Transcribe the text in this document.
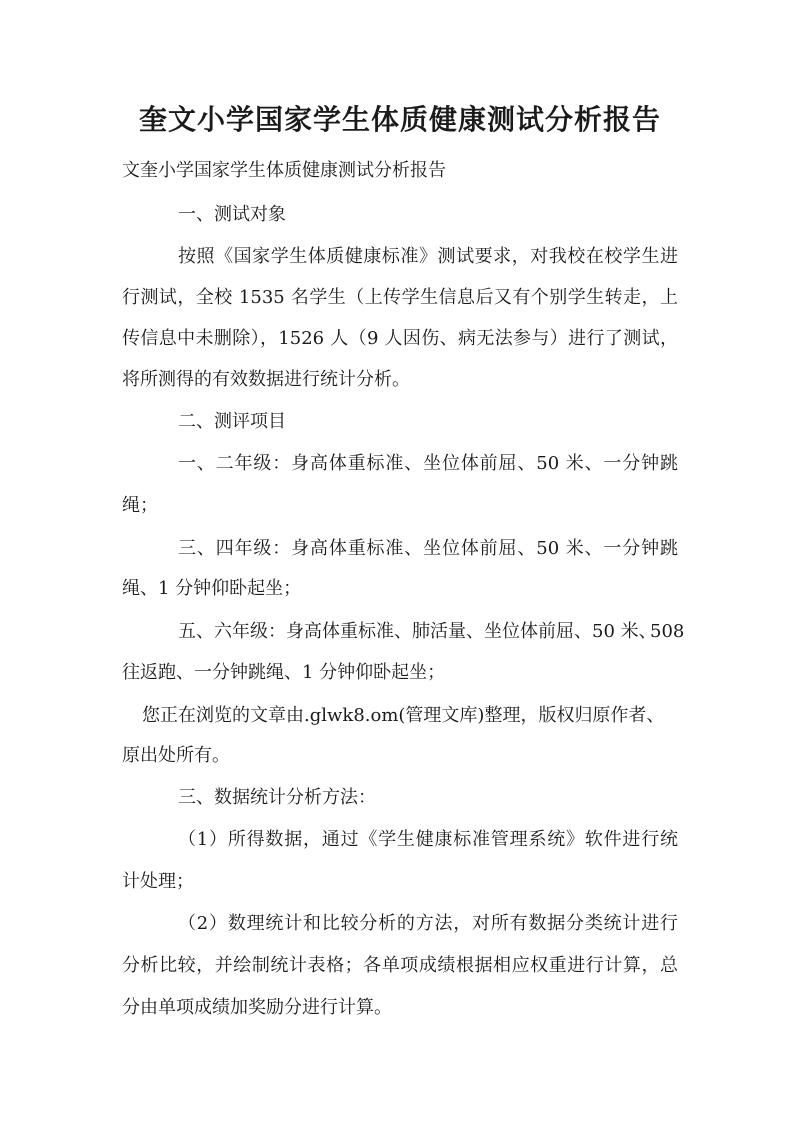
奎文小学国家学生体质健康测试分析报告
文奎小学国家学生体质健康测试分析报告
一、测试对象
按照《国家学生体质健康标准》测试要求，对我校在校学生进
行测试，全校 1535 名学生（上传学生信息后又有个别学生转走，上
传信息中未删除），1526 人（9 人因伤、病无法参与）进行了测试，
将所测得的有效数据进行统计分析。
二、测评项目
一、二年级：身高体重标准、坐位体前屈、50 米、一分钟跳
绳；
三、四年级：身高体重标准、坐位体前屈、50 米、一分钟跳
绳、1 分钟仰卧起坐；
五、六年级：身高体重标准、肺活量、坐位体前屈、50 米、
508
往返跑、一分钟跳绳、1 分钟仰卧起坐；
您正在浏览的文章由.glwk8.om(管理文库)整理，版权归原作者、
原出处所有。
三、数据统计分析方法：
（1）所得数据，通过《学生健康标准管理系统》软件进行统
计处理；
（2）数理统计和比较分析的方法，对所有数据分类统计进行
分析比较，并绘制统计表格；各单项成绩根据相应权重进行计算，总
分由单项成绩加奖励分进行计算。
